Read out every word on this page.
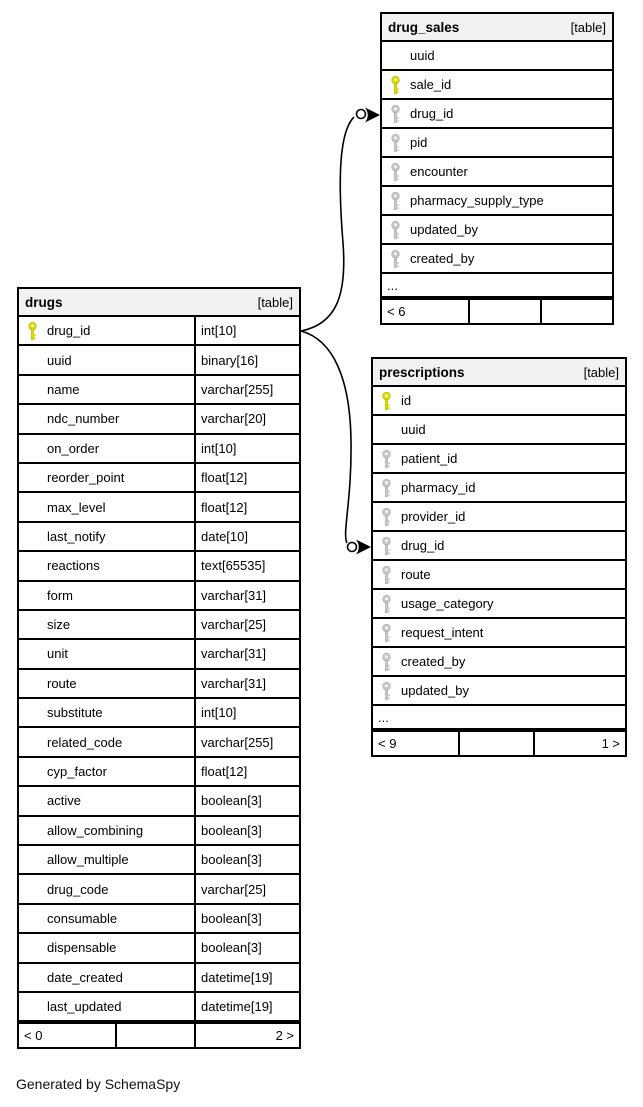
drug_sales	[table]
uuid
sale_id
drug_id
pid
encounter
pharmacy_supply_type
updated_by
created_by
...
< 6
prescriptions	[table]
id
uuid
patient_id
pharmacy_id
provider_id
drug_id
route
usage_category
request_intent
created_by
updated_by
...
< 9	1 >
drugs	[table]
drug_id	int[10]
uuid	binary[16]
name	varchar[255]
ndc_number	varchar[20]
on_order	int[10]
reorder_point	float[12]
max_level	float[12]
last_notify	date[10]
reactions	text[65535]
form	varchar[31]
size	varchar[25]
unit	varchar[31]
route	varchar[31]
substitute	int[10]
related_code	varchar[255]
cyp_factor	float[12]
active	boolean[3]
allow_combining	boolean[3]
allow_multiple	boolean[3]
drug_code	varchar[25]
consumable	boolean[3]
dispensable	boolean[3]
date_created	datetime[19]
last_updated	datetime[19]
< 0	2 >
Generated by SchemaSpy
